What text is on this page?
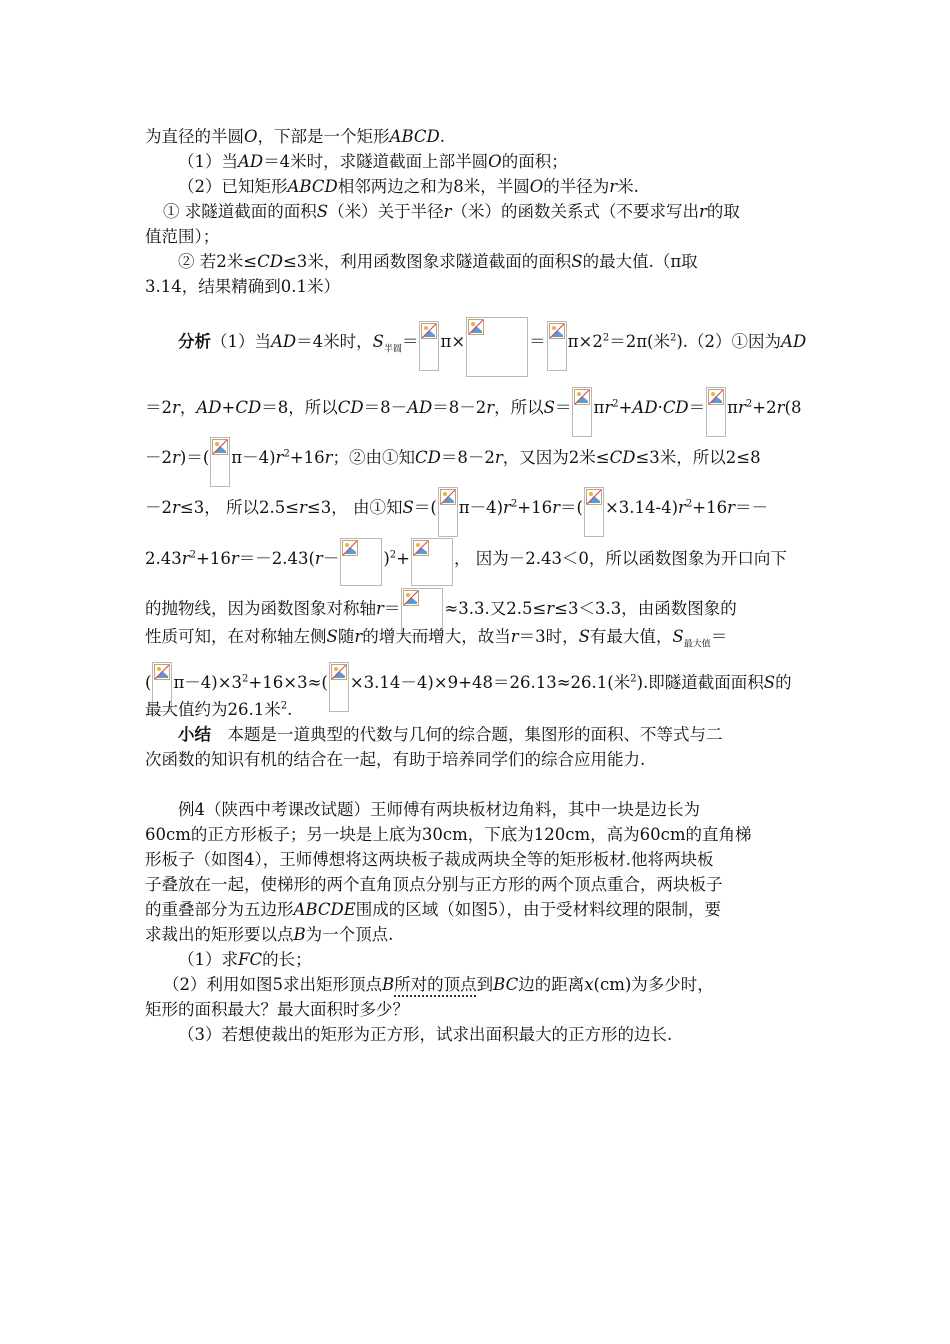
为直径的半圆O，下部是一个矩形ABCD.
（1）当AD＝4米时，求隧道截面上部半圆O的面积；
（2）已知矩形ABCD相邻两边之和为8米，半圆O的半径为r米.
① 求隧道截面的面积S（米）关于半径r（米）的函数关系式（不要求写出r的取
值范围）；
② 若2米≤CD≤3米，利用函数图象求隧道截面的面积S的最大值.（π取
3.14，结果精确到0.1米）
分析（1）当AD＝4米时，$S_{半圆}= \pi\times$	＝ $\pi\times 2^2=2\pi$(米$^2$).（2）①因为AD
＝2r，AD+CD＝8，所以CD＝8－AD＝8－2r，所以$S= \pi r^2+AD\cdot CD= \pi r^2+2r(8$
－2r)＝( $\pi-4)r^2+16r$；②由①知CD＝8－2r，又因为2米≤CD≤3米，所以2≤8
－2r≤3， 所以2.5≤r≤3， 由①知S＝( $\pi-4)r^2+16r=( \times 3.14-4)r^2+16r=-$
$2.43r^2+16r=-2.43(r-$	)$^2$+	， 因为－2.43＜0，所以函数图象为开口向下
的抛物线，因为函数图象对称轴r＝	≈3.3.又2.5≤r≤3＜3.3，由函数图象的
性质可知，在对称轴左侧S随r的增大而增大，故当r＝3时，S有最大值，$S_{最大值}=$
( $\pi-4)\times 3^2+16\times 3\approx( \times 3.14-4)\times 9+48=26.13\approx 26.1$(米$^2$).即隧道截面面积S的
最大值约为26.1米$^2$.
小结　 本题是一道典型的代数与几何的综合题，集图形的面积、不等式与二
次函数的知识有机的结合在一起，有助于培养同学们的综合应用能力.
例4（陕西中考课改试题）王师傅有两块板材边角料，其中一块是边长为
60cm的正方形板子；另一块是上底为30cm，下底为120cm，高为60cm的直角梯
形板子（如图4），王师傅想将这两块板子裁成两块全等的矩形板材.他将两块板
子叠放在一起，使梯形的两个直角顶点分别与正方形的两个顶点重合，两块板子
的重叠部分为五边形ABCDE围成的区域（如图5），由于受材料纹理的限制，要
求裁出的矩形要以点B为一个顶点.
（1）求FC的长；
（2）利用如图5求出矩形顶点B所对的顶点到BC边的距离x(cm)为多少时，
矩形的面积最大？最大面积时多少？
（3）若想使裁出的矩形为正方形，试求出面积最大的正方形的边长.
